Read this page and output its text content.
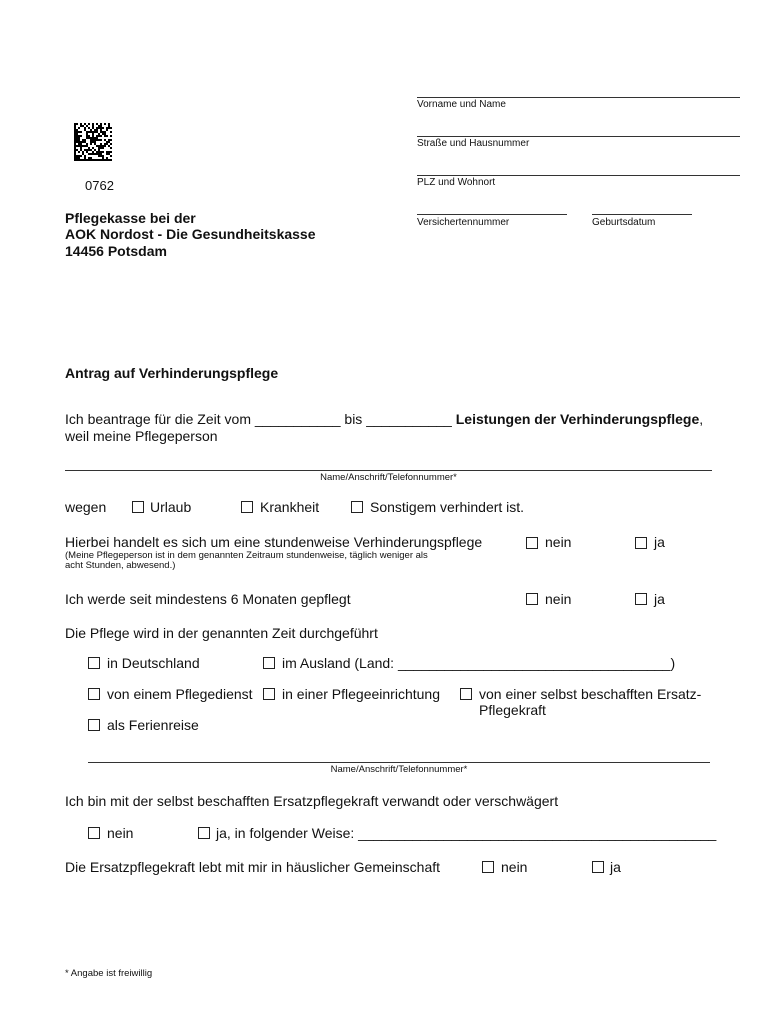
0762
Vorname und Name
Straße und Hausnummer
PLZ und Wohnort
Versichertennummer	Geburtsdatum
Pflegekasse bei der
AOK Nordost - Die Gesundheitskasse
14456 Potsdam
Antrag auf Verhinderungspflege
Ich beantrage für die Zeit vom ___________ bis ___________ Leistungen der Verhinderungspflege,
weil meine Pflegeperson
Name/Anschrift/Telefonnummer*
wegen	Urlaub	Krankheit	Sonstigem verhindert ist.
Hierbei handelt es sich um eine stundenweise Verhinderungspflege
(Meine Pflegeperson ist in dem genannten Zeitraum stundenweise, täglich weniger als
acht Stunden, abwesend.)
nein	ja
Ich werde seit mindestens 6 Monaten gepflegt	nein	ja
Die Pflege wird in der genannten Zeit durchgeführt
in Deutschland	im Ausland (Land: ___________________________________)
von einem Pflegedienst in einer Pflegeeinrichtung	von einer selbst beschafften Ersatz-
Pflegekraft
als Ferienreise
Name/Anschrift/Telefonnummer*
Ich bin mit der selbst beschafften Ersatzpflegekraft verwandt oder verschwägert
nein	ja, in folgender Weise: ______________________________________________
Die Ersatzpflegekraft lebt mit mir in häuslicher Gemeinschaft	nein	ja
* Angabe ist freiwillig
